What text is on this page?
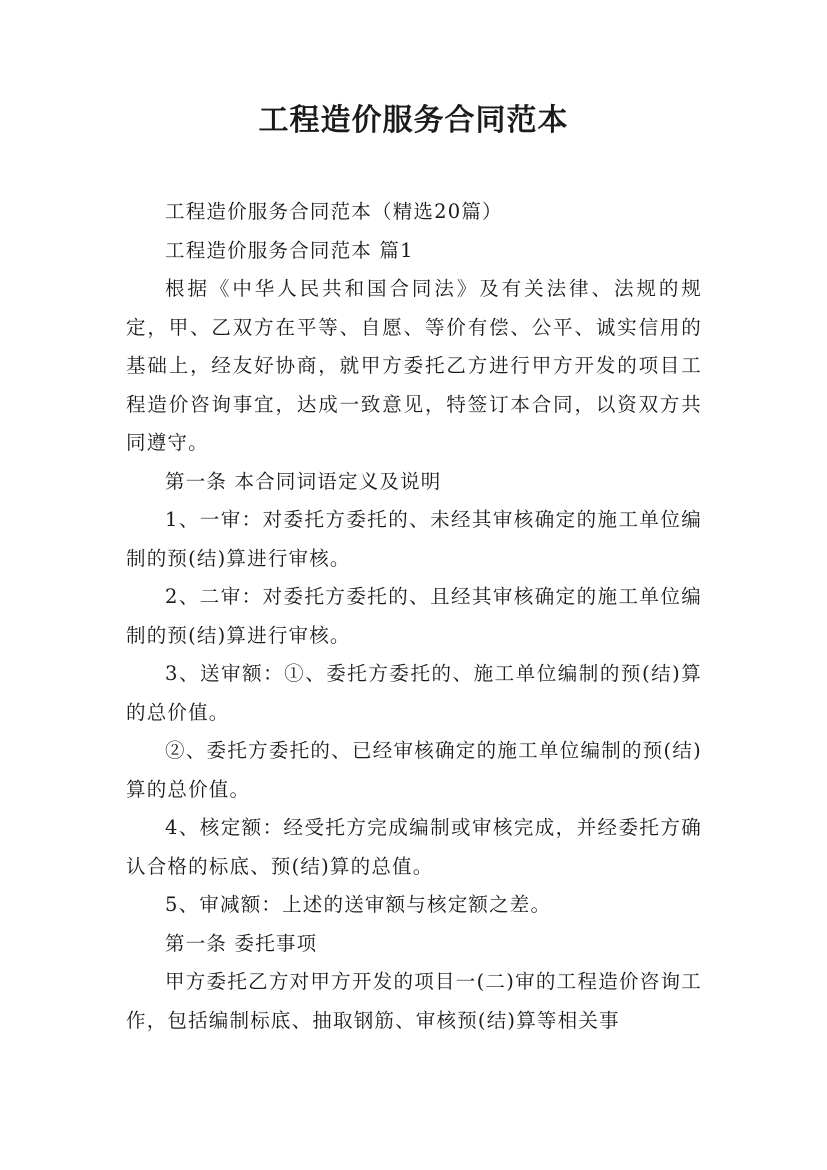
工程造价服务合同范本

工程造价服务合同范本（精选20篇）

工程造价服务合同范本 篇1

根据《中华人民共和国合同法》及有关法律、法规的规定，甲、乙双方在平等、自愿、等价有偿、公平、诚实信用的基础上，经友好协商，就甲方委托乙方进行甲方开发的项目工程造价咨询事宜，达成一致意见，特签订本合同，以资双方共同遵守。

第一条 本合同词语定义及说明

1、一审：对委托方委托的、未经其审核确定的施工单位编制的预(结)算进行审核。

2、二审：对委托方委托的、且经其审核确定的施工单位编制的预(结)算进行审核。

3、送审额：①、委托方委托的、施工单位编制的预(结)算的总价值。

②、委托方委托的、已经审核确定的施工单位编制的预(结)算的总价值。

4、核定额：经受托方完成编制或审核完成，并经委托方确认合格的标底、预(结)算的总值。

5、审减额：上述的送审额与核定额之差。

第一条 委托事项

甲方委托乙方对甲方开发的项目一(二)审的工程造价咨询工作，包括编制标底、抽取钢筋、审核预(结)算等相关事
